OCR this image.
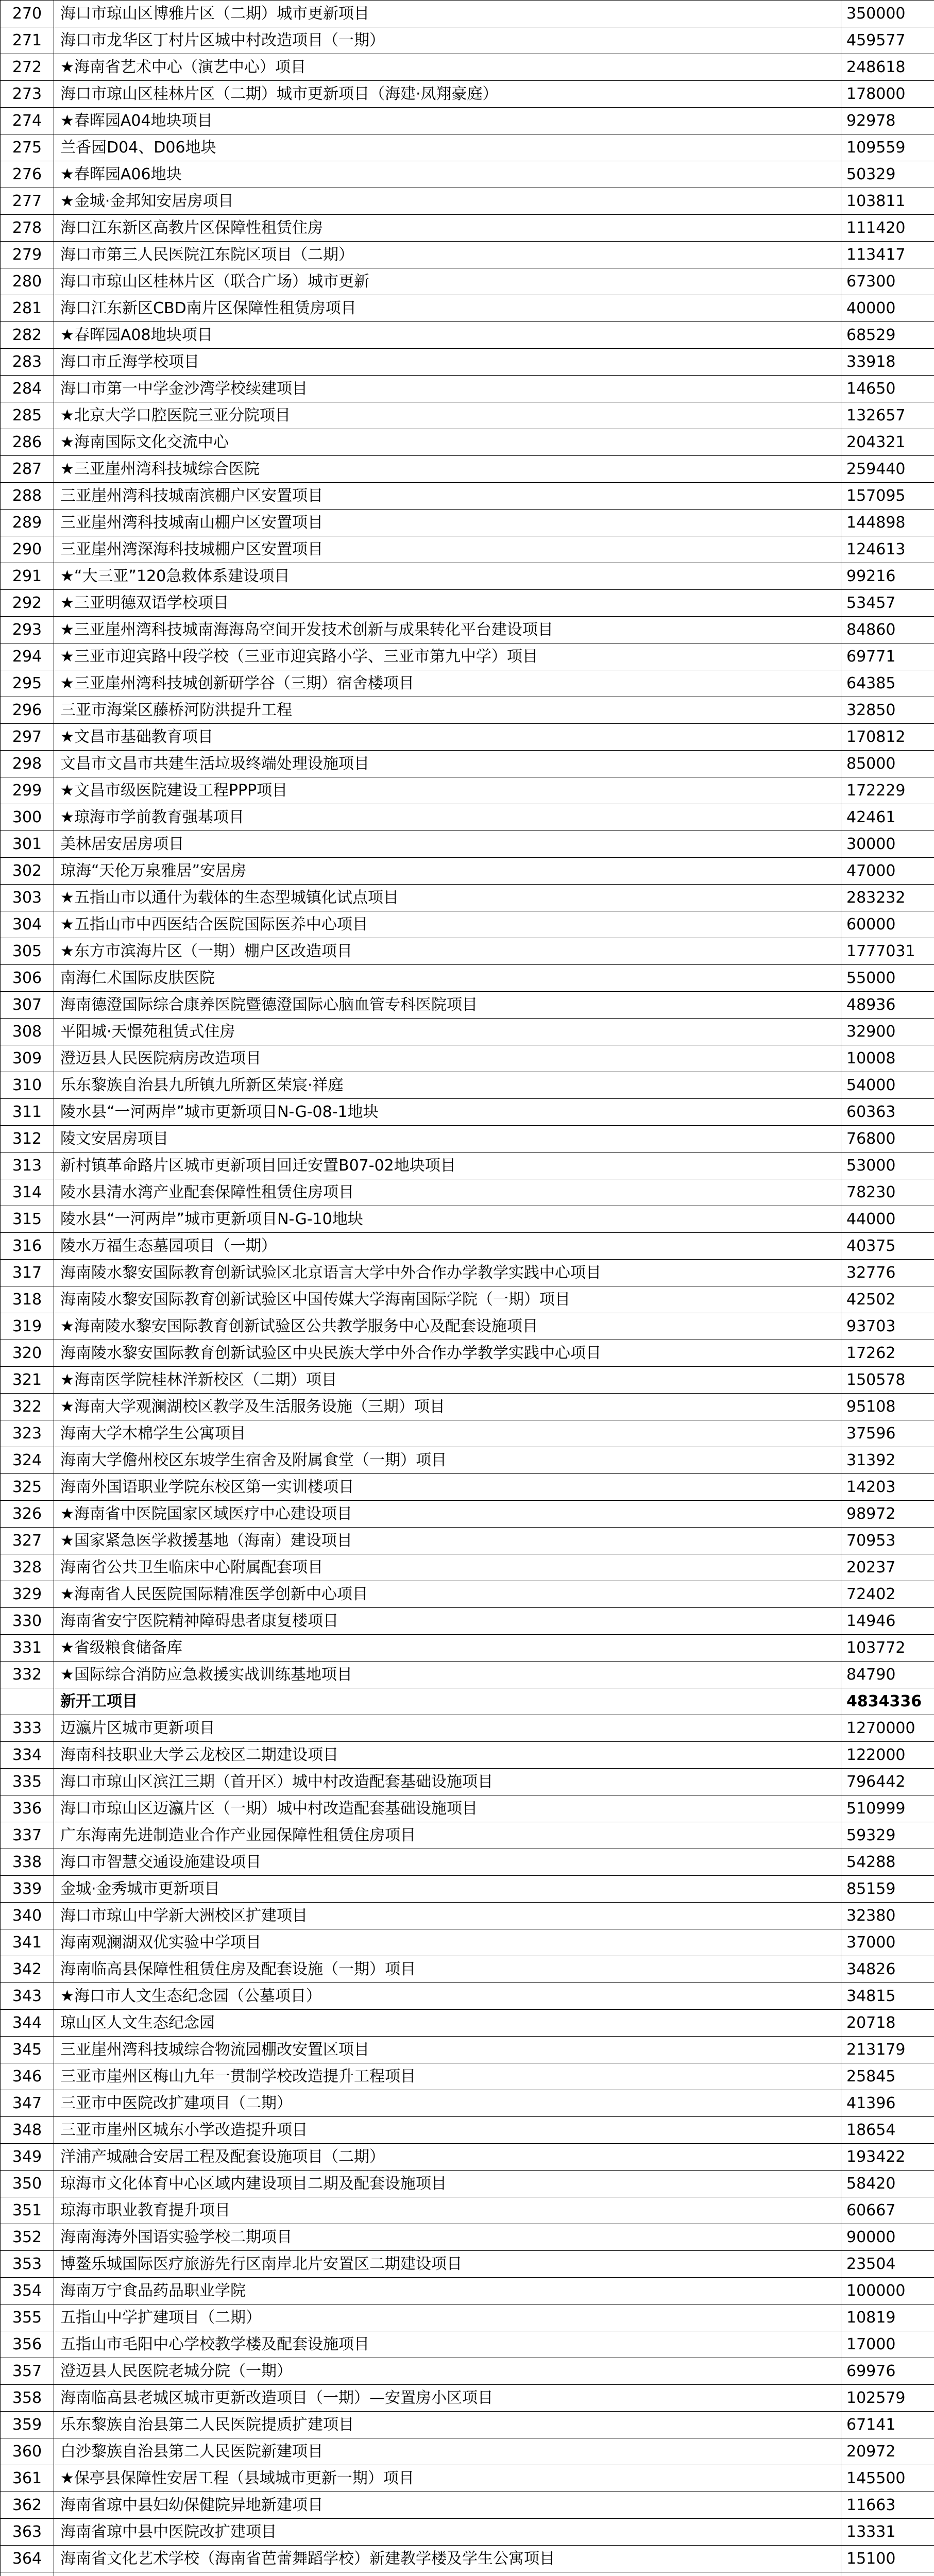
270	海口市琼山区博雅片区（二期）城市更新项目	350000
271	海口市龙华区丁村片区城中村改造项目（一期）	459577
272	★海南省艺术中心（演艺中心）项目	248618
273	海口市琼山区桂林片区（二期）城市更新项目（海建·凤翔豪庭）	178000
274	★春晖园A04地块项目	92978
275	兰香园D04、D06地块	109559
276	★春晖园A06地块	50329
277	★金城·金邦知安居房项目	103811
278	海口江东新区高教片区保障性租赁住房	111420
279	海口市第三人民医院江东院区项目（二期）	113417
280	海口市琼山区桂林片区（联合广场）城市更新	67300
281	海口江东新区CBD南片区保障性租赁房项目	40000
282	★春晖园A08地块项目	68529
283	海口市丘海学校项目	33918
284	海口市第一中学金沙湾学校续建项目	14650
285	★北京大学口腔医院三亚分院项目	132657
286	★海南国际文化交流中心	204321
287	★三亚崖州湾科技城综合医院	259440
288	三亚崖州湾科技城南滨棚户区安置项目	157095
289	三亚崖州湾科技城南山棚户区安置项目	144898
290	三亚崖州湾深海科技城棚户区安置项目	124613
291	★“大三亚”120急救体系建设项目	99216
292	★三亚明德双语学校项目	53457
293	★三亚崖州湾科技城南海海岛空间开发技术创新与成果转化平台建设项目	84860
294	★三亚市迎宾路中段学校（三亚市迎宾路小学、三亚市第九中学）项目	69771
295	★三亚崖州湾科技城创新研学谷（三期）宿舍楼项目	64385
296	三亚市海棠区藤桥河防洪提升工程	32850
297	★文昌市基础教育项目	170812
298	文昌市文昌市共建生活垃圾终端处理设施项目	85000
299	★文昌市级医院建设工程PPP项目	172229
300	★琼海市学前教育强基项目	42461
301	美林居安居房项目	30000
302	琼海“天伦万泉雅居”安居房	47000
303	★五指山市以通什为载体的生态型城镇化试点项目	283232
304	★五指山市中西医结合医院国际医养中心项目	60000
305	★东方市滨海片区（一期）棚户区改造项目	1777031
306	南海仁术国际皮肤医院	55000
307	海南德澄国际综合康养医院暨德澄国际心脑血管专科医院项目	48936
308	平阳城·天憬苑租赁式住房	32900
309	澄迈县人民医院病房改造项目	10008
310	乐东黎族自治县九所镇九所新区荣宸·祥庭	54000
311	陵水县“一河两岸”城市更新项目N-G-08-1地块	60363
312	陵文安居房项目	76800
313	新村镇革命路片区城市更新项目回迁安置B07-02地块项目	53000
314	陵水县清水湾产业配套保障性租赁住房项目	78230
315	陵水县“一河两岸”城市更新项目N-G-10地块	44000
316	陵水万福生态墓园项目（一期）	40375
317	海南陵水黎安国际教育创新试验区北京语言大学中外合作办学教学实践中心项目	32776
318	海南陵水黎安国际教育创新试验区中国传媒大学海南国际学院（一期）项目	42502
319	★海南陵水黎安国际教育创新试验区公共教学服务中心及配套设施项目	93703
320	海南陵水黎安国际教育创新试验区中央民族大学中外合作办学教学实践中心项目	17262
321	★海南医学院桂林洋新校区（二期）项目	150578
322	★海南大学观澜湖校区教学及生活服务设施（三期）项目	95108
323	海南大学木棉学生公寓项目	37596
324	海南大学儋州校区东坡学生宿舍及附属食堂（一期）项目	31392
325	海南外国语职业学院东校区第一实训楼项目	14203
326	★海南省中医院国家区域医疗中心建设项目	98972
327	★国家紧急医学救援基地（海南）建设项目	70953
328	海南省公共卫生临床中心附属配套项目	20237
329	★海南省人民医院国际精准医学创新中心项目	72402
330	海南省安宁医院精神障碍患者康复楼项目	14946
331	★省级粮食储备库	103772
332	★国际综合消防应急救援实战训练基地项目	84790
	新开工项目	4834336
333	迈瀛片区城市更新项目	1270000
334	海南科技职业大学云龙校区二期建设项目	122000
335	海口市琼山区滨江三期（首开区）城中村改造配套基础设施项目	796442
336	海口市琼山区迈瀛片区（一期）城中村改造配套基础设施项目	510999
337	广东海南先进制造业合作产业园保障性租赁住房项目	59329
338	海口市智慧交通设施建设项目	54288
339	金城·金秀城市更新项目	85159
340	海口市琼山中学新大洲校区扩建项目	32380
341	海南观澜湖双优实验中学项目	37000
342	海南临高县保障性租赁住房及配套设施（一期）项目	34826
343	★海口市人文生态纪念园（公墓项目）	34815
344	琼山区人文生态纪念园	20718
345	三亚崖州湾科技城综合物流园棚改安置区项目	213179
346	三亚市崖州区梅山九年一贯制学校改造提升工程项目	25845
347	三亚市中医院改扩建项目（二期）	41396
348	三亚市崖州区城东小学改造提升项目	18654
349	洋浦产城融合安居工程及配套设施项目（二期）	193422
350	琼海市文化体育中心区域内建设项目二期及配套设施项目	58420
351	琼海市职业教育提升项目	60667
352	海南海涛外国语实验学校二期项目	90000
353	博鳌乐城国际医疗旅游先行区南岸北片安置区二期建设项目	23504
354	海南万宁食品药品职业学院	100000
355	五指山中学扩建项目（二期）	10819
356	五指山市毛阳中心学校教学楼及配套设施项目	17000
357	澄迈县人民医院老城分院（一期）	69976
358	海南临高县老城区城市更新改造项目（一期）—安置房小区项目	102579
359	乐东黎族自治县第二人民医院提质扩建项目	67141
360	白沙黎族自治县第二人民医院新建项目	20972
361	★保亭县保障性安居工程（县域城市更新一期）项目	145500
362	海南省琼中县妇幼保健院异地新建项目	11663
363	海南省琼中县中医院改扩建项目	13331
364	海南省文化艺术学校（海南省芭蕾舞蹈学校）新建教学楼及学生公寓项目	15100
